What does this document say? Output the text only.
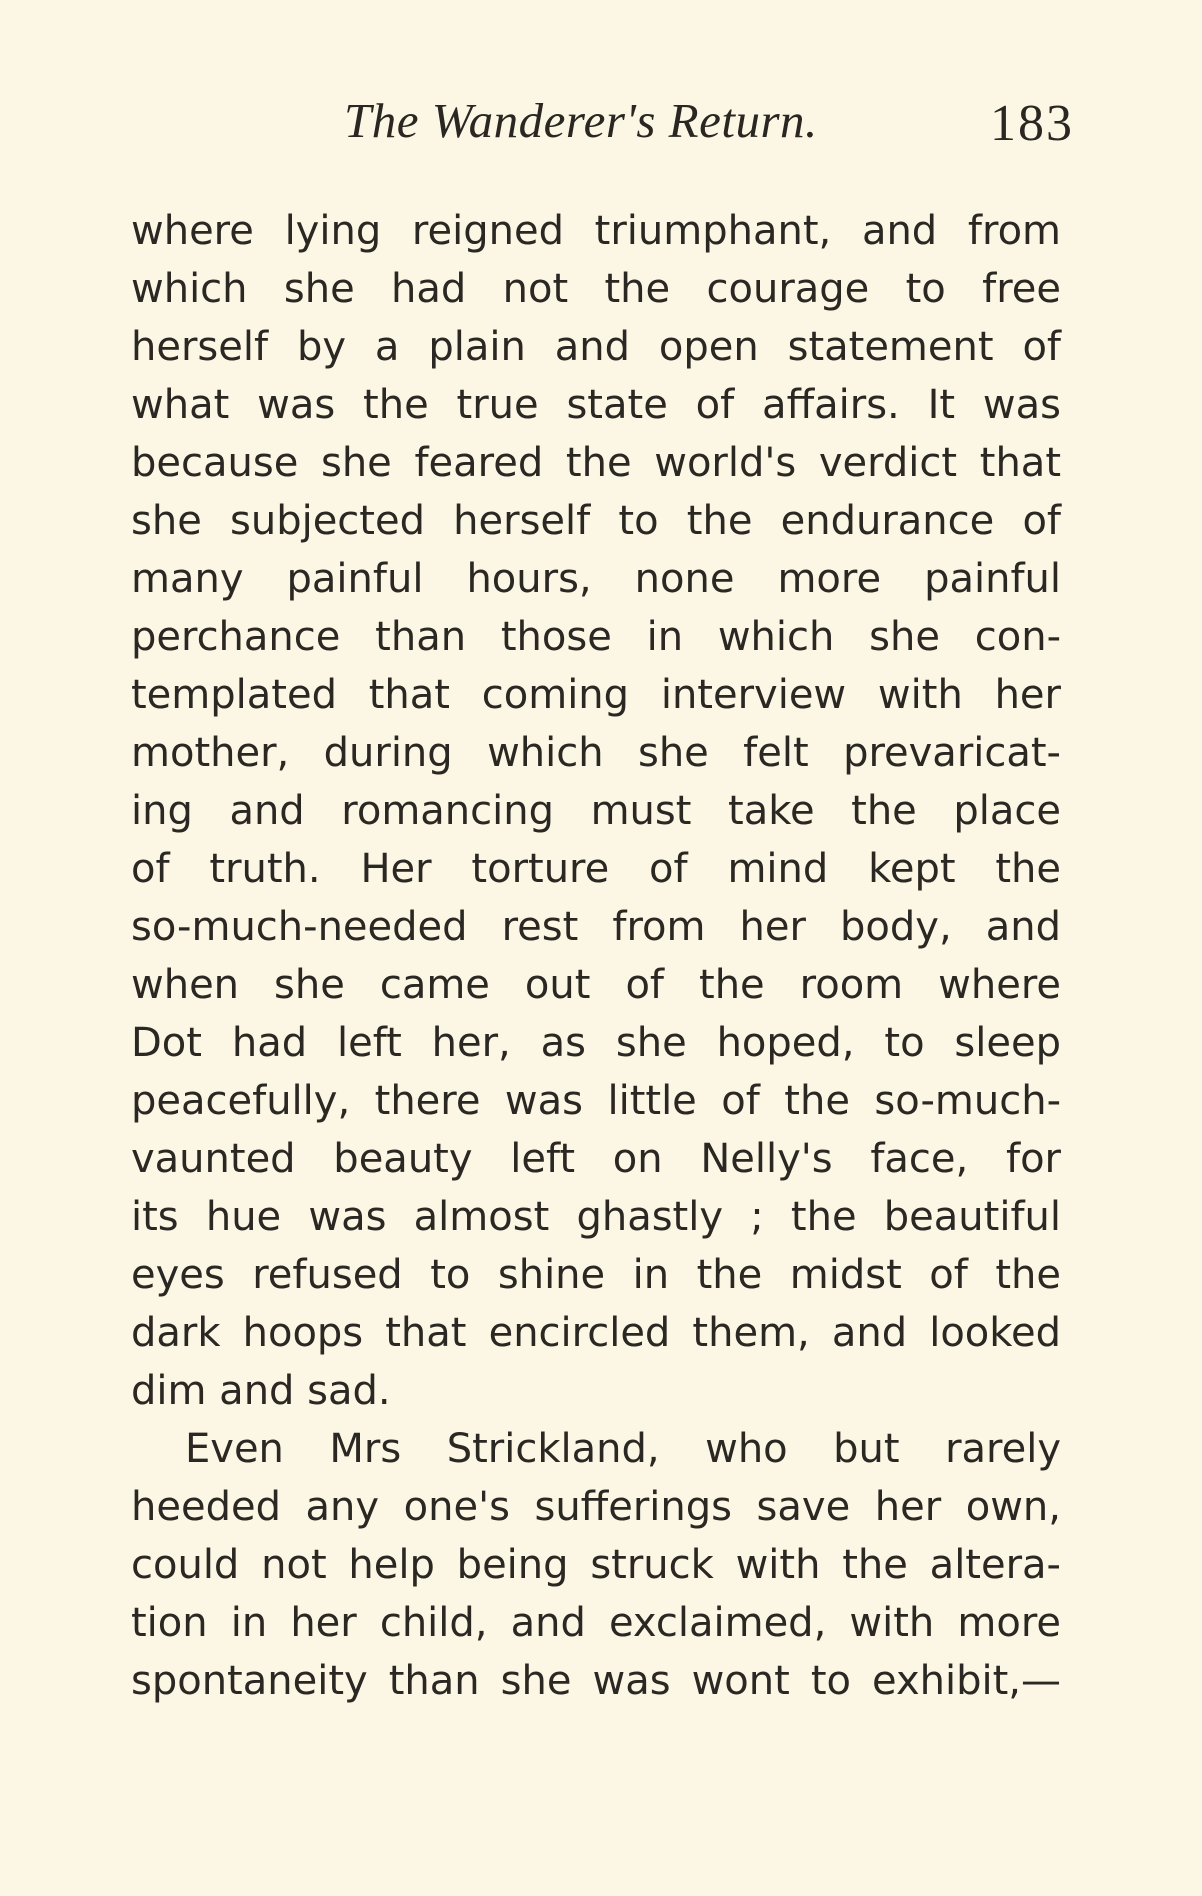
The Wanderer's Return.	183
where lying reigned triumphant, and from
which she had not the courage to free
herself by a plain and open statement of
what was the true state of affairs. It was
because she feared the world's verdict that
she subjected herself to the endurance of
many painful hours, none more painful
perchance than those in which she con-
templated that coming interview with her
mother, during which she felt prevaricat-
ing and romancing must take the place
of truth. Her torture of mind kept the
so-much-needed rest from her body, and
when she came out of the room where
Dot had left her, as she hoped, to sleep
peacefully, there was little of the so-much-
vaunted beauty left on Nelly's face, for
its hue was almost ghastly ; the beautiful
eyes refused to shine in the midst of the
dark hoops that encircled them, and looked
dim and sad.
Even Mrs Strickland, who but rarely
heeded any one's sufferings save her own,
could not help being struck with the altera-
tion in her child, and exclaimed, with more
spontaneity than she was wont to exhibit,—
